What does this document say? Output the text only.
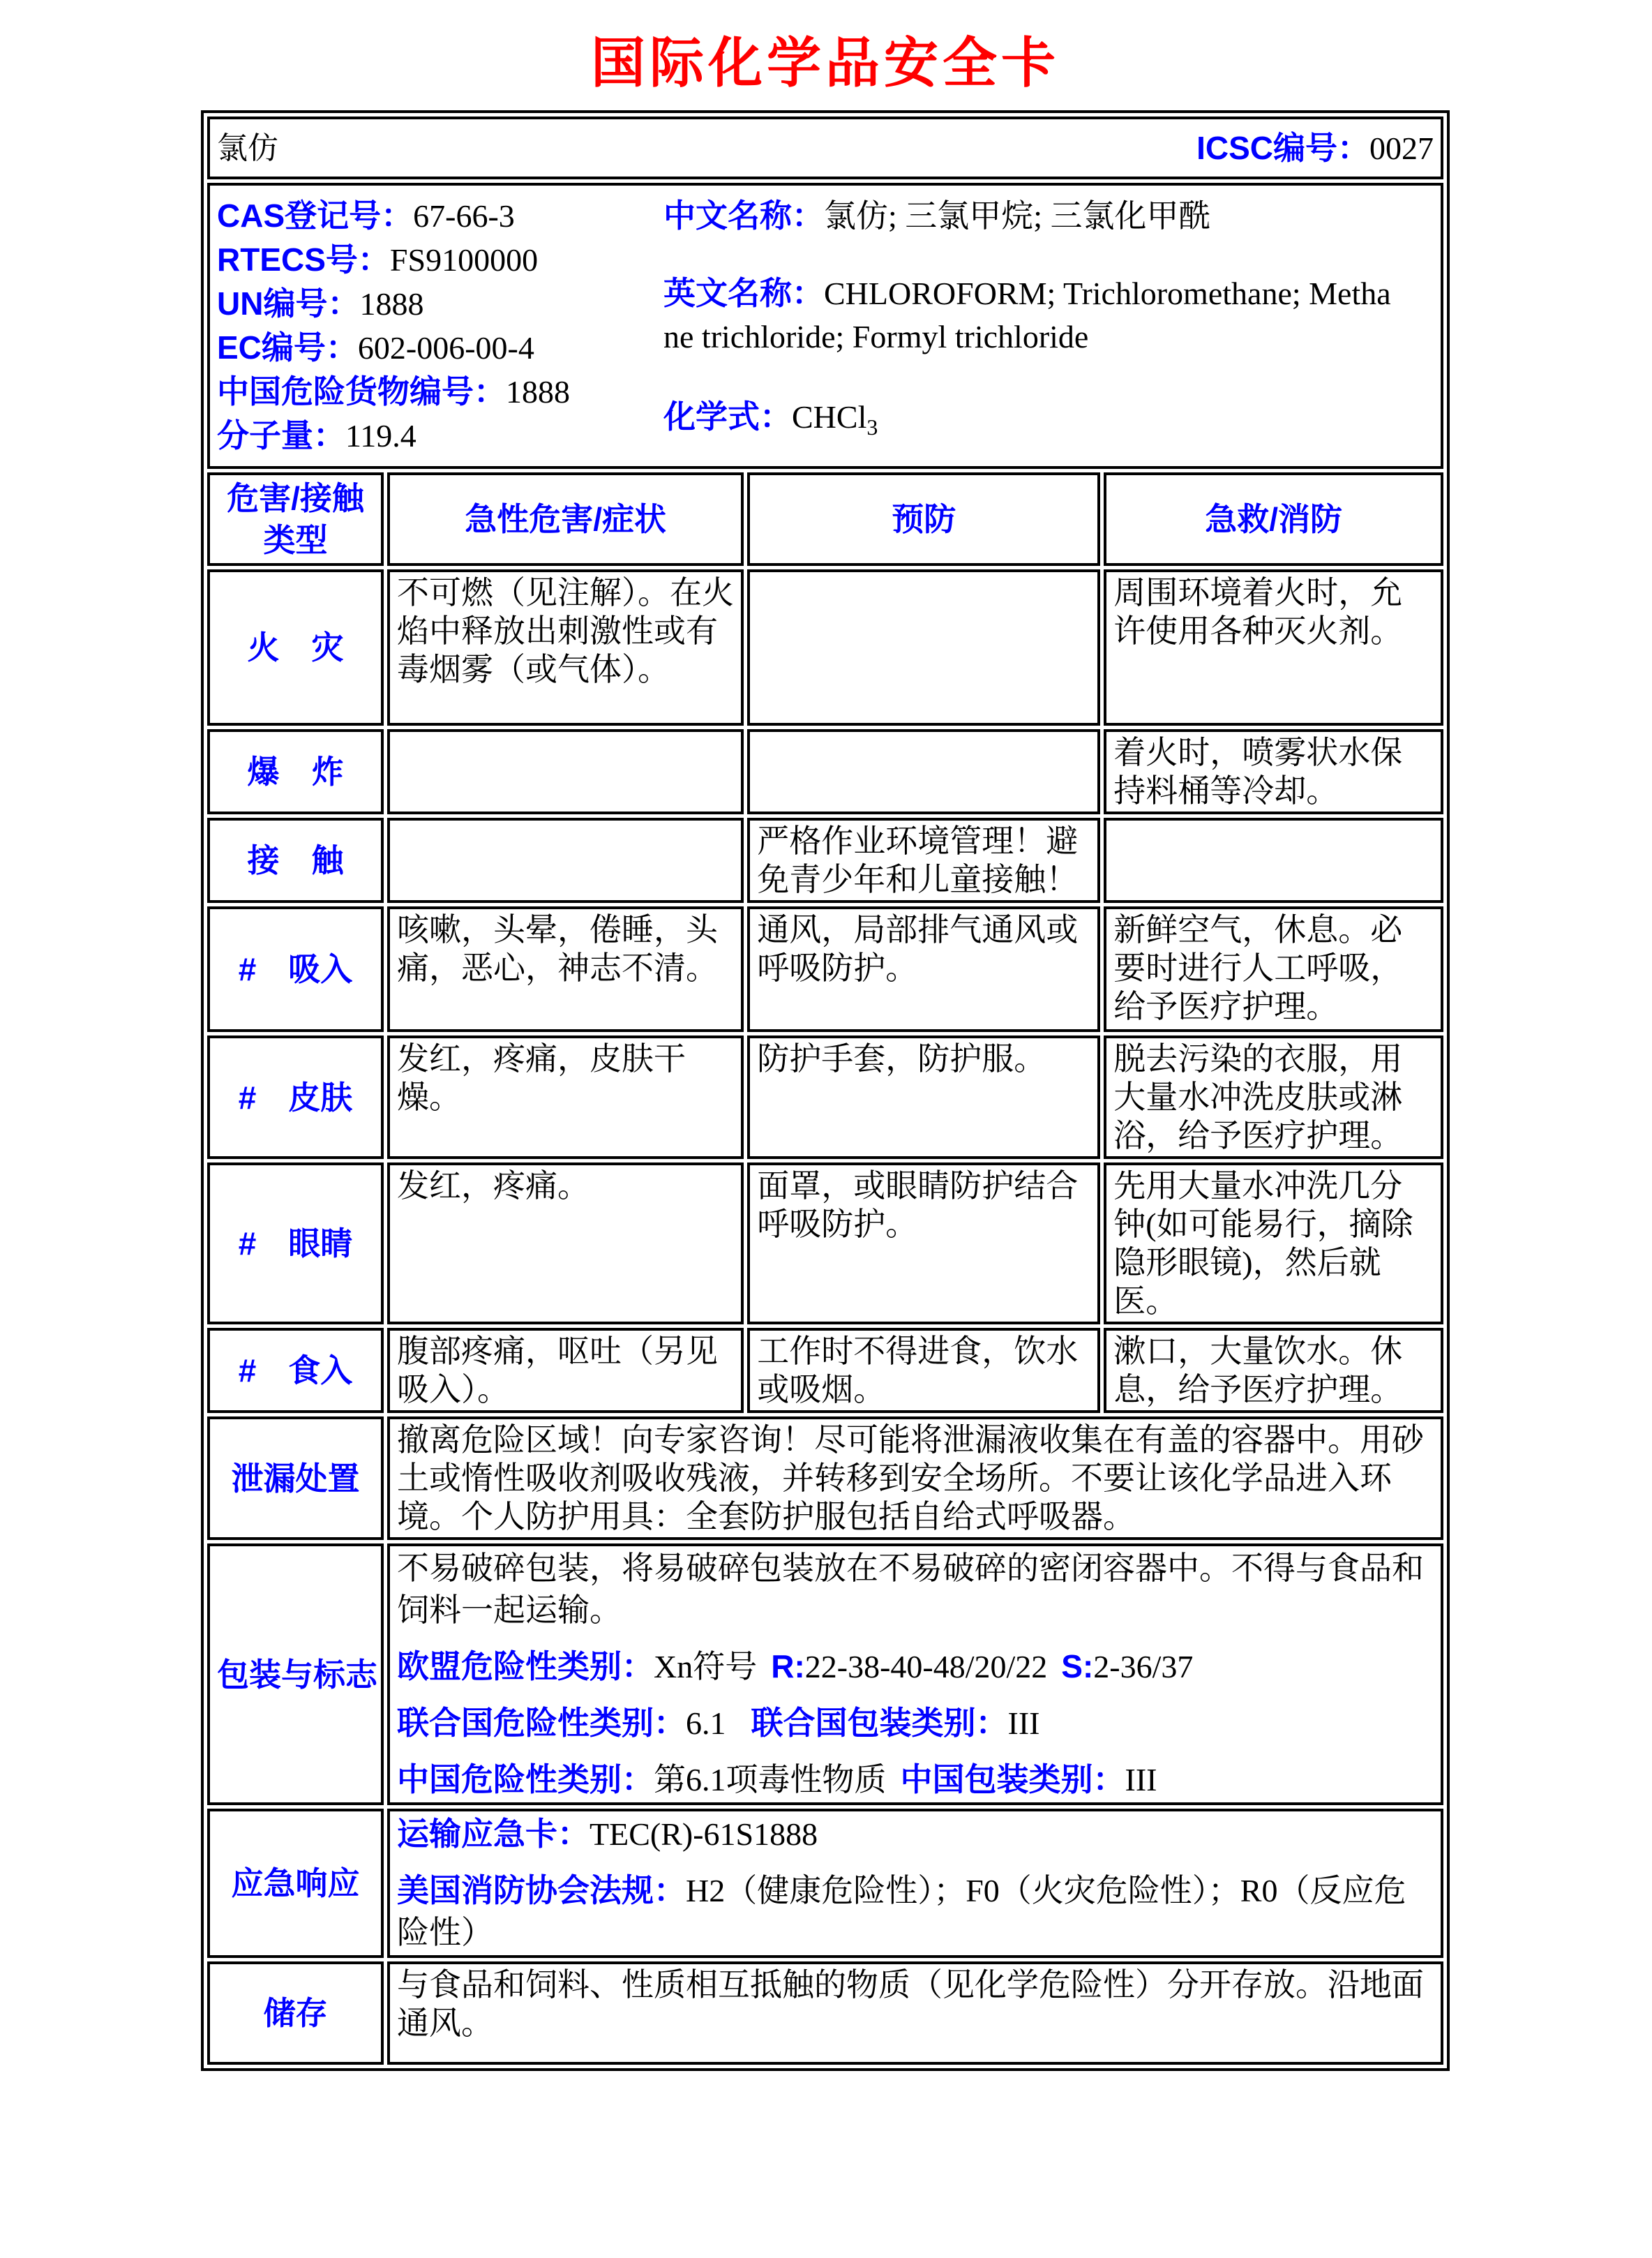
国际化学品安全卡
氯仿 ICSC编号：0027			

CAS登记号：67-66-3
RTECS号：FS9100000
UN编号：1888
EC编号：602-006-00-4
中国危险货物编号：1888
分子量：119.4
中文名称：氯仿; 三氯甲烷; 三氯化甲酰
英文名称：CHLOROFORM; Trichloromethane; Methane trichloride; Formyl trichloride
化学式：CHCl$_3$

危害/接触
类型	急性危害/症状	预防	急救/消防
火　灾	不可燃（见注解）。在火焰中释放出刺激性或有毒烟雾（或气体）。		周围环境着火时，允许使用各种灭火剂。
爆　炸			着火时，喷雾状水保持料桶等冷却。
接　触		严格作业环境管理！避免青少年和儿童接触！	
#　吸入	咳嗽，头晕，倦睡，头痛，恶心，神志不清。	通风，局部排气通风或呼吸防护。	新鲜空气，休息。必要时进行人工呼吸，给予医疗护理。
#　皮肤	发红，疼痛，皮肤干燥。	防护手套，防护服。	脱去污染的衣服，用大量水冲洗皮肤或淋浴，给予医疗护理。
#　眼睛	发红，疼痛。	面罩，或眼睛防护结合呼吸防护。	先用大量水冲洗几分钟(如可能易行，摘除隐形眼镜)，然后就医。
#　食入	腹部疼痛，呕吐（另见吸入）。	工作时不得进食，饮水或吸烟。	漱口，大量饮水。休息，给予医疗护理。
泄漏处置	撤离危险区域！向专家咨询！尽可能将泄漏液收集在有盖的容器中。用砂土或惰性吸收剂吸收残液，并转移到安全场所。不要让该化学品进入环境。个人防护用具：全套防护服包括自给式呼吸器。		
包装与标志	不易破碎包装，将易破碎包装放在不易破碎的密闭容器中。不得与食品和饲料一起运输。
欧盟危险性类别：Xn符号 R:22-38-40-48/20/22 S:2-36/37
联合国危险性类别：6.1 联合国包装类别：III
中国危险性类别：第6.1项毒性物质 中国包装类别：III		

应急响应	运输应急卡：TEC(R)-61S1888
美国消防协会法规：H2（健康危险性）；F0（火灾危险性）；R0（反应危险性）		

储存	与食品和饲料、性质相互抵触的物质（见化学危险性）分开存放。沿地面通风。		
